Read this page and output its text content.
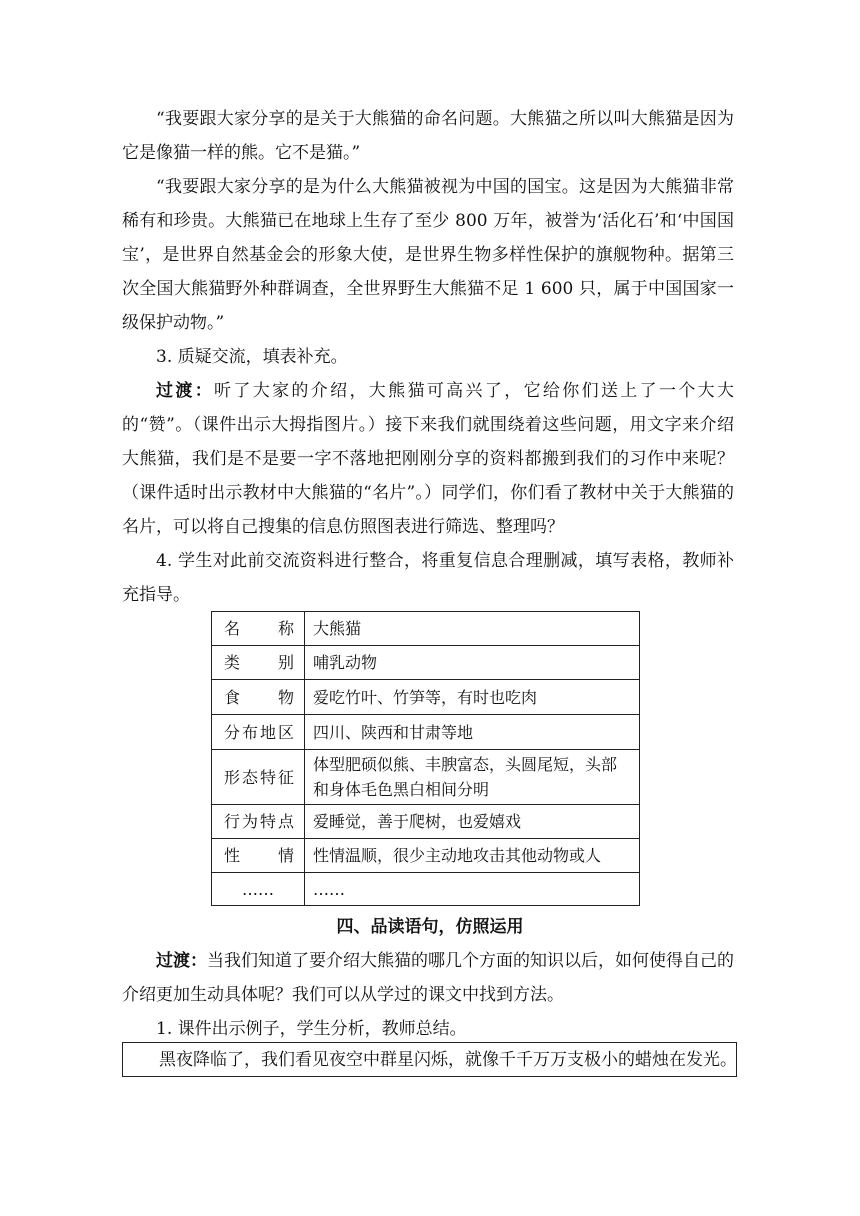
“我要跟大家分享的是关于大熊猫的命名问题。大熊猫之所以叫大熊猫是因为它是像猫一样的熊。它不是猫。”

“我要跟大家分享的是为什么大熊猫被视为中国的国宝。这是因为大熊猫非常稀有和珍贵。大熊猫已在地球上生存了至少 800 万年，被誉为‘活化石’和‘中国国宝’，是世界自然基金会的形象大使，是世界生物多样性保护的旗舰物种。据第三次全国大熊猫野外种群调查，全世界野生大熊猫不足 1 600 只，属于中国国家一级保护动物。”

3. 质疑交流，填表补充。

过渡：听了大家的介绍，大熊猫可高兴了，它给你们送上了一个大大的“赞”。（课件出示大拇指图片。）接下来我们就围绕着这些问题，用文字来介绍大熊猫，我们是不是要一字不落地把刚刚分享的资料都搬到我们的习作中来呢？（课件适时出示教材中大熊猫的“名片”。）同学们，你们看了教材中关于大熊猫的名片，可以将自己搜集的信息仿照图表进行筛选、整理吗？

4. 学生对此前交流资料进行整合，将重复信息合理删减，填写表格，教师补充指导。

名称	大熊猫
类别	哺乳动物
食物	爱吃竹叶、竹笋等，有时也吃肉
分布地区	四川、陕西和甘肃等地
形态特征	体型肥硕似熊、丰腴富态，头圆尾短，头部和身体毛色黑白相间分明
行为特点	爱睡觉，善于爬树，也爱嬉戏
性情	性情温顺，很少主动地攻击其他动物或人
……	……
四、品读语句，仿照运用

过渡：当我们知道了要介绍大熊猫的哪几个方面的知识以后，如何使得自己的介绍更加生动具体呢？我们可以从学过的课文中找到方法。

1. 课件出示例子，学生分析，教师总结。

黑夜降临了，我们看见夜空中群星闪烁，就像千千万万支极小的蜡烛在发光。
